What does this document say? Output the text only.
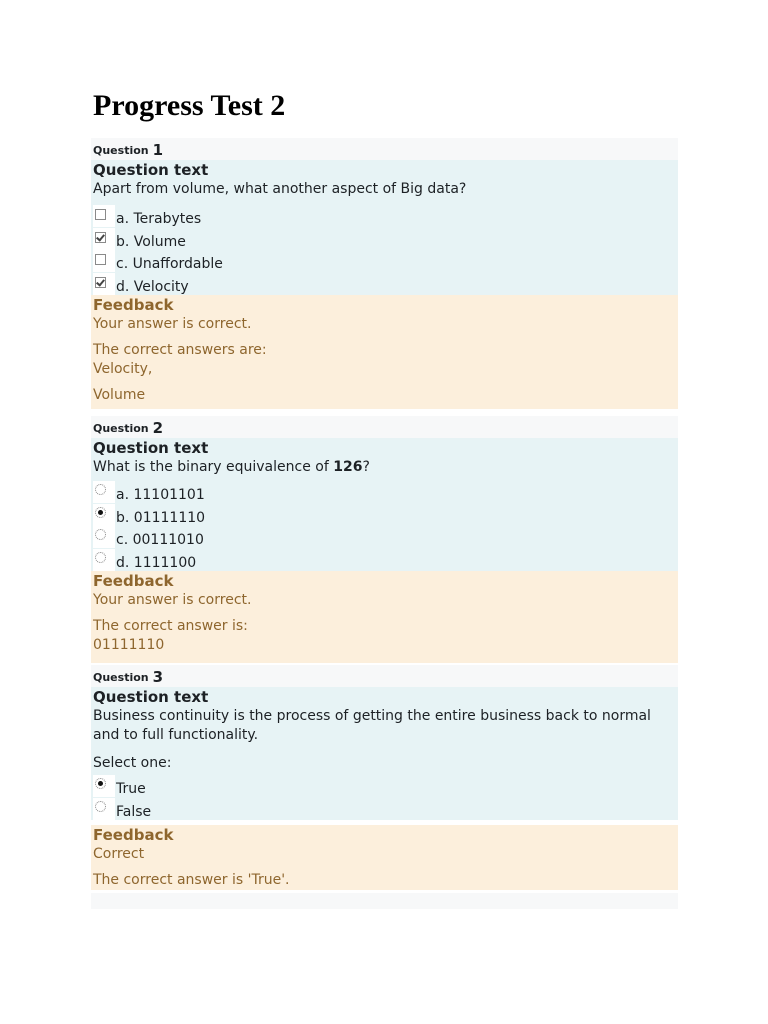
Progress Test 2
Question 1
Question text
Apart from volume, what another aspect of Big data?
a. Terabytes
b. Volume
c. Unaffordable
d. Velocity
Feedback
Your answer is correct.
The correct answers are:
Velocity,
Volume
Question 2
Question text
What is the binary equivalence of 126?
a. 11101101
b. 01111110
c. 00111010
d. 1111100
Feedback
Your answer is correct.
The correct answer is:
01111110
Question 3
Question text
Business continuity is the process of getting the entire business back to normal and to full functionality.
Select one:
True
False
Feedback
Correct
The correct answer is 'True'.
